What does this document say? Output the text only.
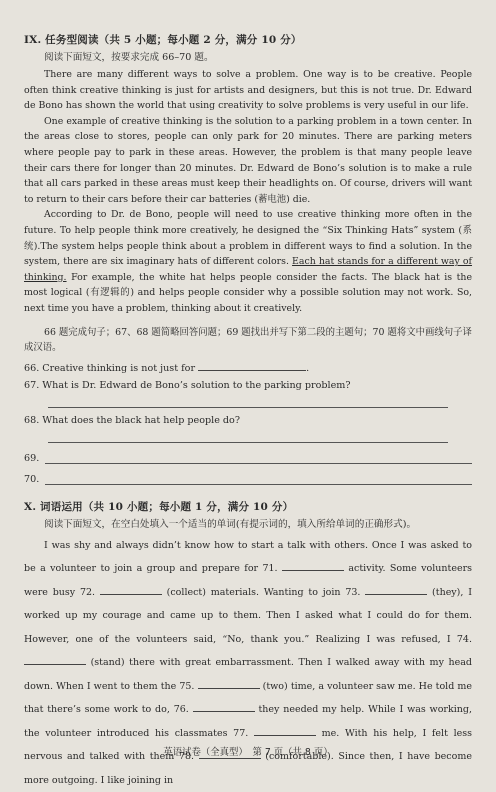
IX. 任务型阅读（共 5 小题；每小题 2 分，满分 10 分）
阅读下面短文，按要求完成 66–70 题。

There are many different ways to solve a problem. One way is to be creative. People often think creative thinking is just for artists and designers, but this is not true. Dr. Edward de Bono has shown the world that using creativity to solve problems is very useful in our life.

One example of creative thinking is the solution to a parking problem in a town center. In the areas close to stores, people can only park for 20 minutes. There are parking meters where people pay to park in these areas. However, the problem is that many people leave their cars there for longer than 20 minutes. Dr. Edward de Bono’s solution is to make a rule that all cars parked in these areas must keep their headlights on. Of course, drivers will want to return to their cars before their car batteries (蓄电池) die.

According to Dr. de Bono, people will need to use creative thinking more often in the future. To help people think more creatively, he designed the “Six Thinking Hats” system (系统).The system helps people think about a problem in different ways to find a solution. In the system, there are six imaginary hats of different colors. Each hat stands for a different way of thinking. For example, the white hat helps people consider the facts. The black hat is the most logical (有逻辑的) and helps people consider why a possible solution may not work. So, next time you have a problem, thinking about it creatively.

66 题完成句子；67、68 题简略回答问题；69 题找出并写下第二段的主题句；70 题将文中画线句子译成汉语。

66. Creative thinking is not just for	.
67. What is Dr. Edward de Bono’s solution to the parking problem?
68. What does the black hat help people do?
69.
70.
X. 词语运用（共 10 小题；每小题 1 分，满分 10 分）
阅读下面短文，在空白处填入一个适当的单词(有提示词的，填入所给单词的正确形式)。

I was shy and always didn’t know how to start a talk with others. Once I was asked to be a volunteer to join a group and prepare for 71.	activity. Some volunteers were busy 72.	(collect) materials. Wanting to join 73.	(they), I worked up my courage and came up to them. Then I asked what I could do for them. However, one of the volunteers said, “No, thank you.” Realizing I was refused, I 74.  (stand) there with great embarrassment. Then I walked away with my head down. When I went to them the 75.	(two) time, a volunteer saw me. He told me that there’s some work to do, 76.	they needed my help. While I was working, the volunteer introduced his classmates 77.	me. With his help, I felt less nervous and talked with them 78.	(comfortable). Since then, I have become more outgoing. I like joining in

英语试卷（全真型）　第 7 页（共 8 页）
